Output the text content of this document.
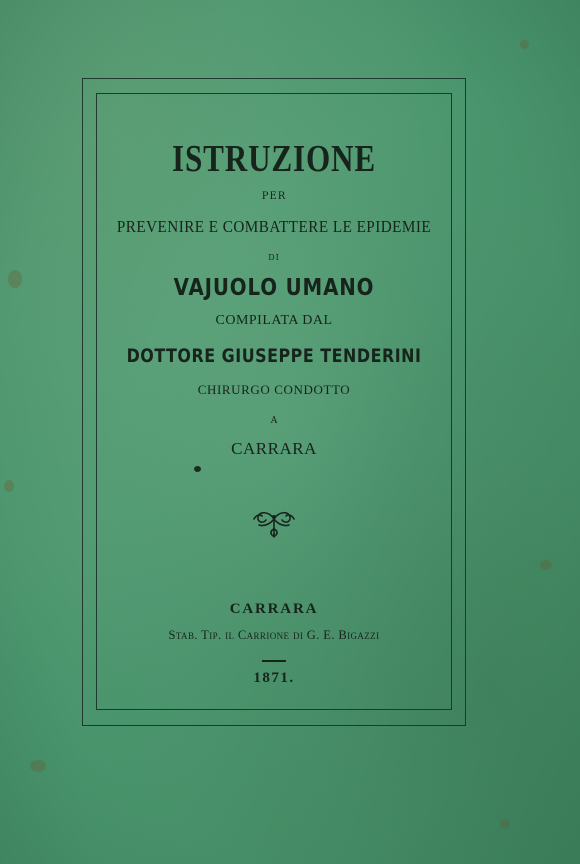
ISTRUZIONE
PER
PREVENIRE E COMBATTERE LE EPIDEMIE
DI
VAJUOLO UMANO
COMPILATA DAL
DOTTORE GIUSEPPE TENDERINI
CHIRURGO CONDOTTO
A
CARRARA
CARRARA
Stab. Tip. il Carrione di G. E. Bigazzi
1871.
